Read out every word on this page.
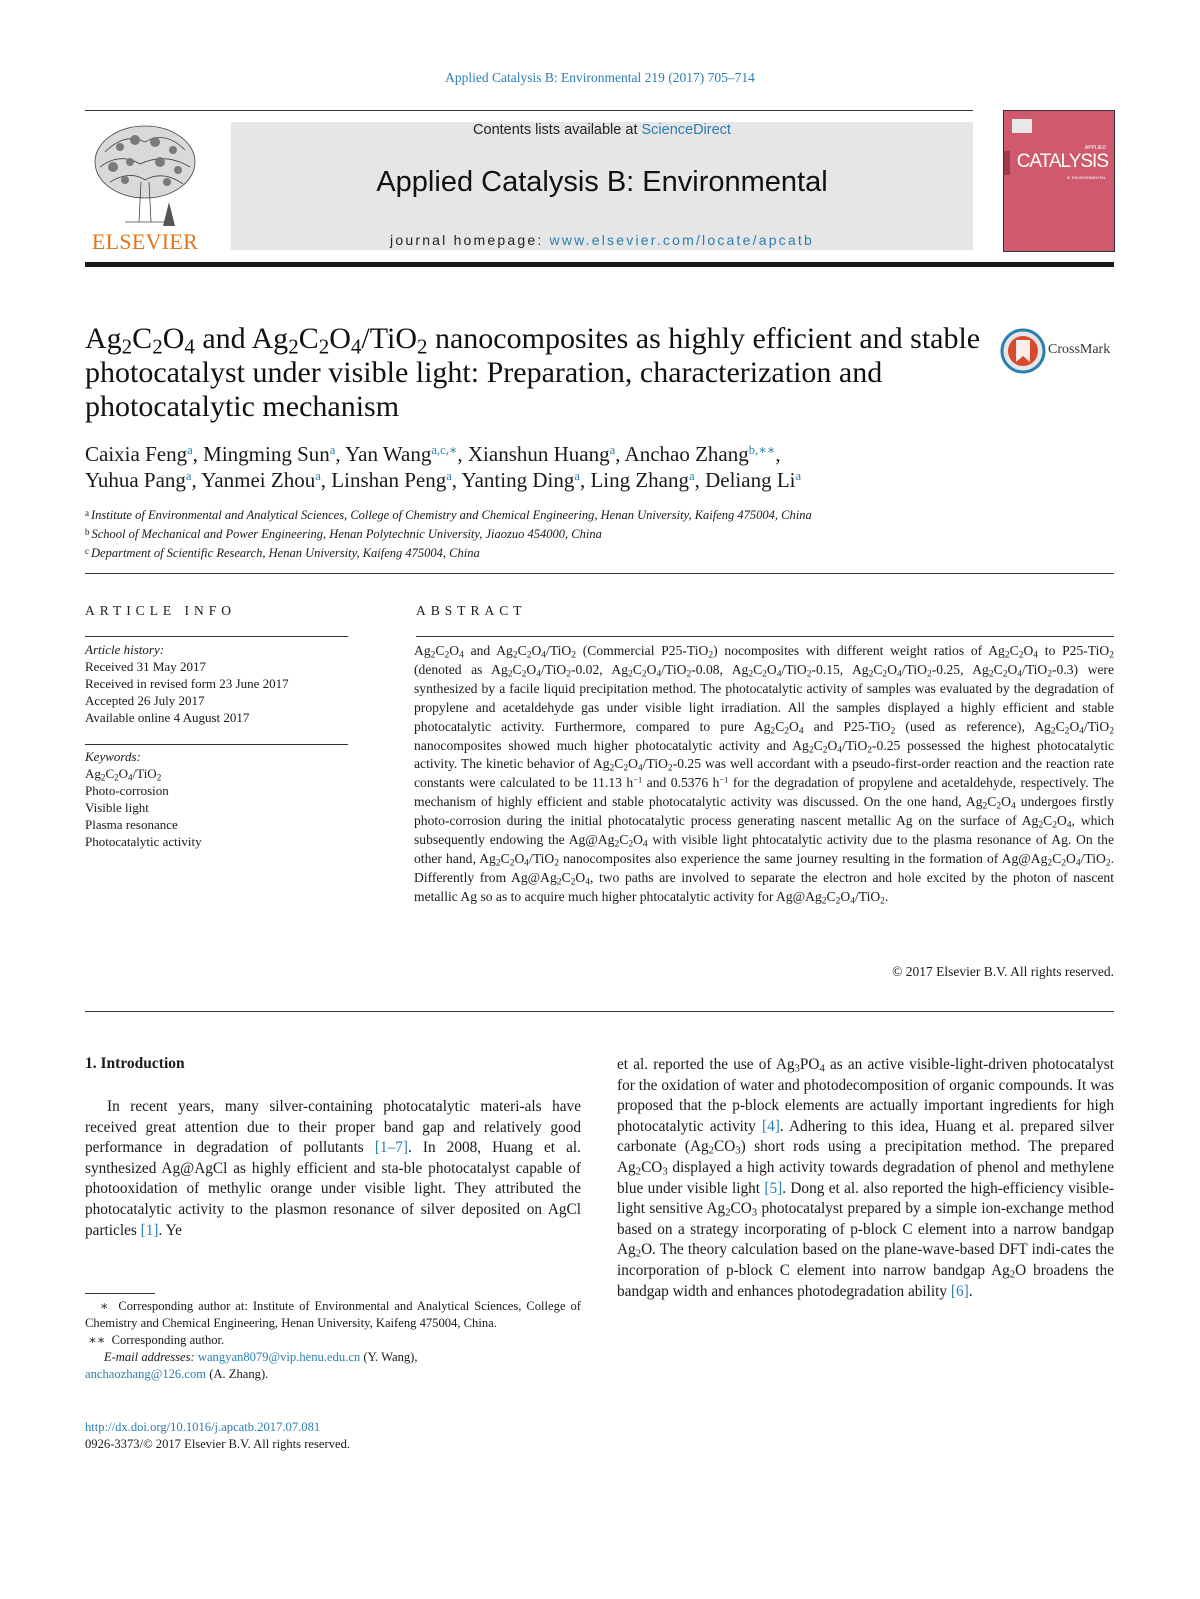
Applied Catalysis B: Environmental 219 (2017) 705–714
ELSEVIER
Contents lists available at ScienceDirect
Applied Catalysis B: Environmental
journal homepage: www.elsevier.com/locate/apcatb
APPLIED
CATALYSIS
B: ENVIRONMENTAL
$Ag_2C_2O_4$ and $Ag_2C_2O_4/TiO_2$ nanocomposites as highly efficient and stable photocatalyst under visible light: Preparation, characterization and photocatalytic mechanism
CrossMark
Caixia Feng$^a$, Mingming Sun$^a$, Yan Wang$^{a,c,∗}$, Xianshun Huang$^a$, Anchao Zhang$^{b,∗∗}$,
Yuhua Pang$^a$, Yanmei Zhou$^a$, Linshan Peng$^a$, Yanting Ding$^a$, Ling Zhang$^a$, Deliang Li$^a$
$^a$ Institute of Environmental and Analytical Sciences, College of Chemistry and Chemical Engineering, Henan University, Kaifeng 475004, China
$^b$ School of Mechanical and Power Engineering, Henan Polytechnic University, Jiaozuo 454000, China
$^c$ Department of Scientific Research, Henan University, Kaifeng 475004, China
ARTICLE INFO	ABSTRACT
Article history:
Received 31 May 2017
Received in revised form 23 June 2017
Accepted 26 July 2017
Available online 4 August 2017
Keywords:
$Ag_2C_2O_4/TiO_2$
Photo-corrosion
Visible light
Plasma resonance
Photocatalytic activity
$Ag_2C_2O_4$ and $Ag_2C_2O_4/TiO_2$ (Commercial P25-TiO$_2$) nocomposites with different weight ratios of $Ag_2C_2O_4$ to P25-TiO$_2$ (denoted as $Ag_2C_2O_4/TiO_2-0.02$, $Ag_2C_2O_4/TiO_2-0.08$, $Ag_2C_2O_4/TiO_2-0.15$, $Ag_2C_2O_4/TiO_2-0.25$, $Ag_2C_2O_4/TiO_2-0.3$) were synthesized by a facile liquid precipitation method. The photocatalytic activity of samples was evaluated by the degradation of propylene and acetaldehyde gas under visible light irradiation. All the samples displayed a highly efficient and stable photocatalytic activity. Furthermore, compared to pure $Ag_2C_2O_4$ and P25-TiO$_2$ (used as reference), $Ag_2C_2O_4/TiO_2$ nanocomposites showed much higher photocatalytic activity and $Ag_2C_2O_4/TiO_2-0.25$ possessed the highest photocatalytic activity. The kinetic behavior of $Ag_2C_2O_4/TiO_2-0.25$ was well accordant with a pseudo-first-order reaction and the reaction rate constants were calculated to be 11.13 $h^{-1}$ and 0.5376 $h^{-1}$ for the degradation of propylene and acetaldehyde, respectively. The mechanism of highly efficient and stable photocatalytic activity was discussed. On the one hand, $Ag_2C_2O_4$ undergoes firstly photo-corrosion during the initial photocatalytic process generating nascent metallic Ag on the surface of $Ag_2C_2O_4$, which subsequently endowing the $Ag@Ag_2C_2O_4$ with visible light phtocatalytic activity due to the plasma resonance of Ag. On the other hand, $Ag_2C_2O_4/TiO_2$ nanocomposites also experience the same journey resulting in the formation of $Ag@Ag_2C_2O_4/TiO_2$. Differently from $Ag@Ag_2C_2O_4$, two paths are involved to separate the electron and hole excited by the photon of nascent metallic Ag so as to acquire much higher phtocatalytic activity for $Ag@Ag_2C_2O_4/TiO_2$.
© 2017 Elsevier B.V. All rights reserved.
1. Introduction

In recent years, many silver-containing photocatalytic materi-als have received great attention due to their proper band gap and relatively good performance in degradation of pollutants [1–7]. In 2008, Huang et al. synthesized Ag@AgCl as highly efficient and sta-ble photocatalyst capable of photooxidation of methylic orange under visible light. They attributed the photocatalytic activity to the plasmon resonance of silver deposited on AgCl particles [1]. Ye

et al. reported the use of $Ag_3PO_4$ as an active visible-light-driven photocatalyst for the oxidation of water and photodecomposition of organic compounds. It was proposed that the p-block elements are actually important ingredients for high photocatalytic activity [4]. Adhering to this idea, Huang et al. prepared silver carbonate $(Ag_2CO_3)$ short rods using a precipitation method. The prepared $Ag_2CO_3$ displayed a high activity towards degradation of phenol and methylene blue under visible light [5]. Dong et al. also reported the high-efficiency visible-light sensitive $Ag_2CO_3$ photocatalyst prepared by a simple ion-exchange method based on a strategy incorporating of p-block C element into a narrow bandgap $Ag_2O$. The theory calculation based on the plane-wave-based DFT indi-cates the incorporation of p-block C element into narrow bandgap $Ag_2O$ broadens the bandgap width and enhances photodegradation ability [6].

∗  Corresponding author at: Institute of Environmental and Analytical Sciences, College of Chemistry and Chemical Engineering, Henan University, Kaifeng 475004, China.

∗∗  Corresponding author.

E-mail addresses: wangyan8079@vip.henu.edu.cn (Y. Wang),
anchaozhang@126.com (A. Zhang).

http://dx.doi.org/10.1016/j.apcatb.2017.07.081
0926-3373/© 2017 Elsevier B.V. All rights reserved.
